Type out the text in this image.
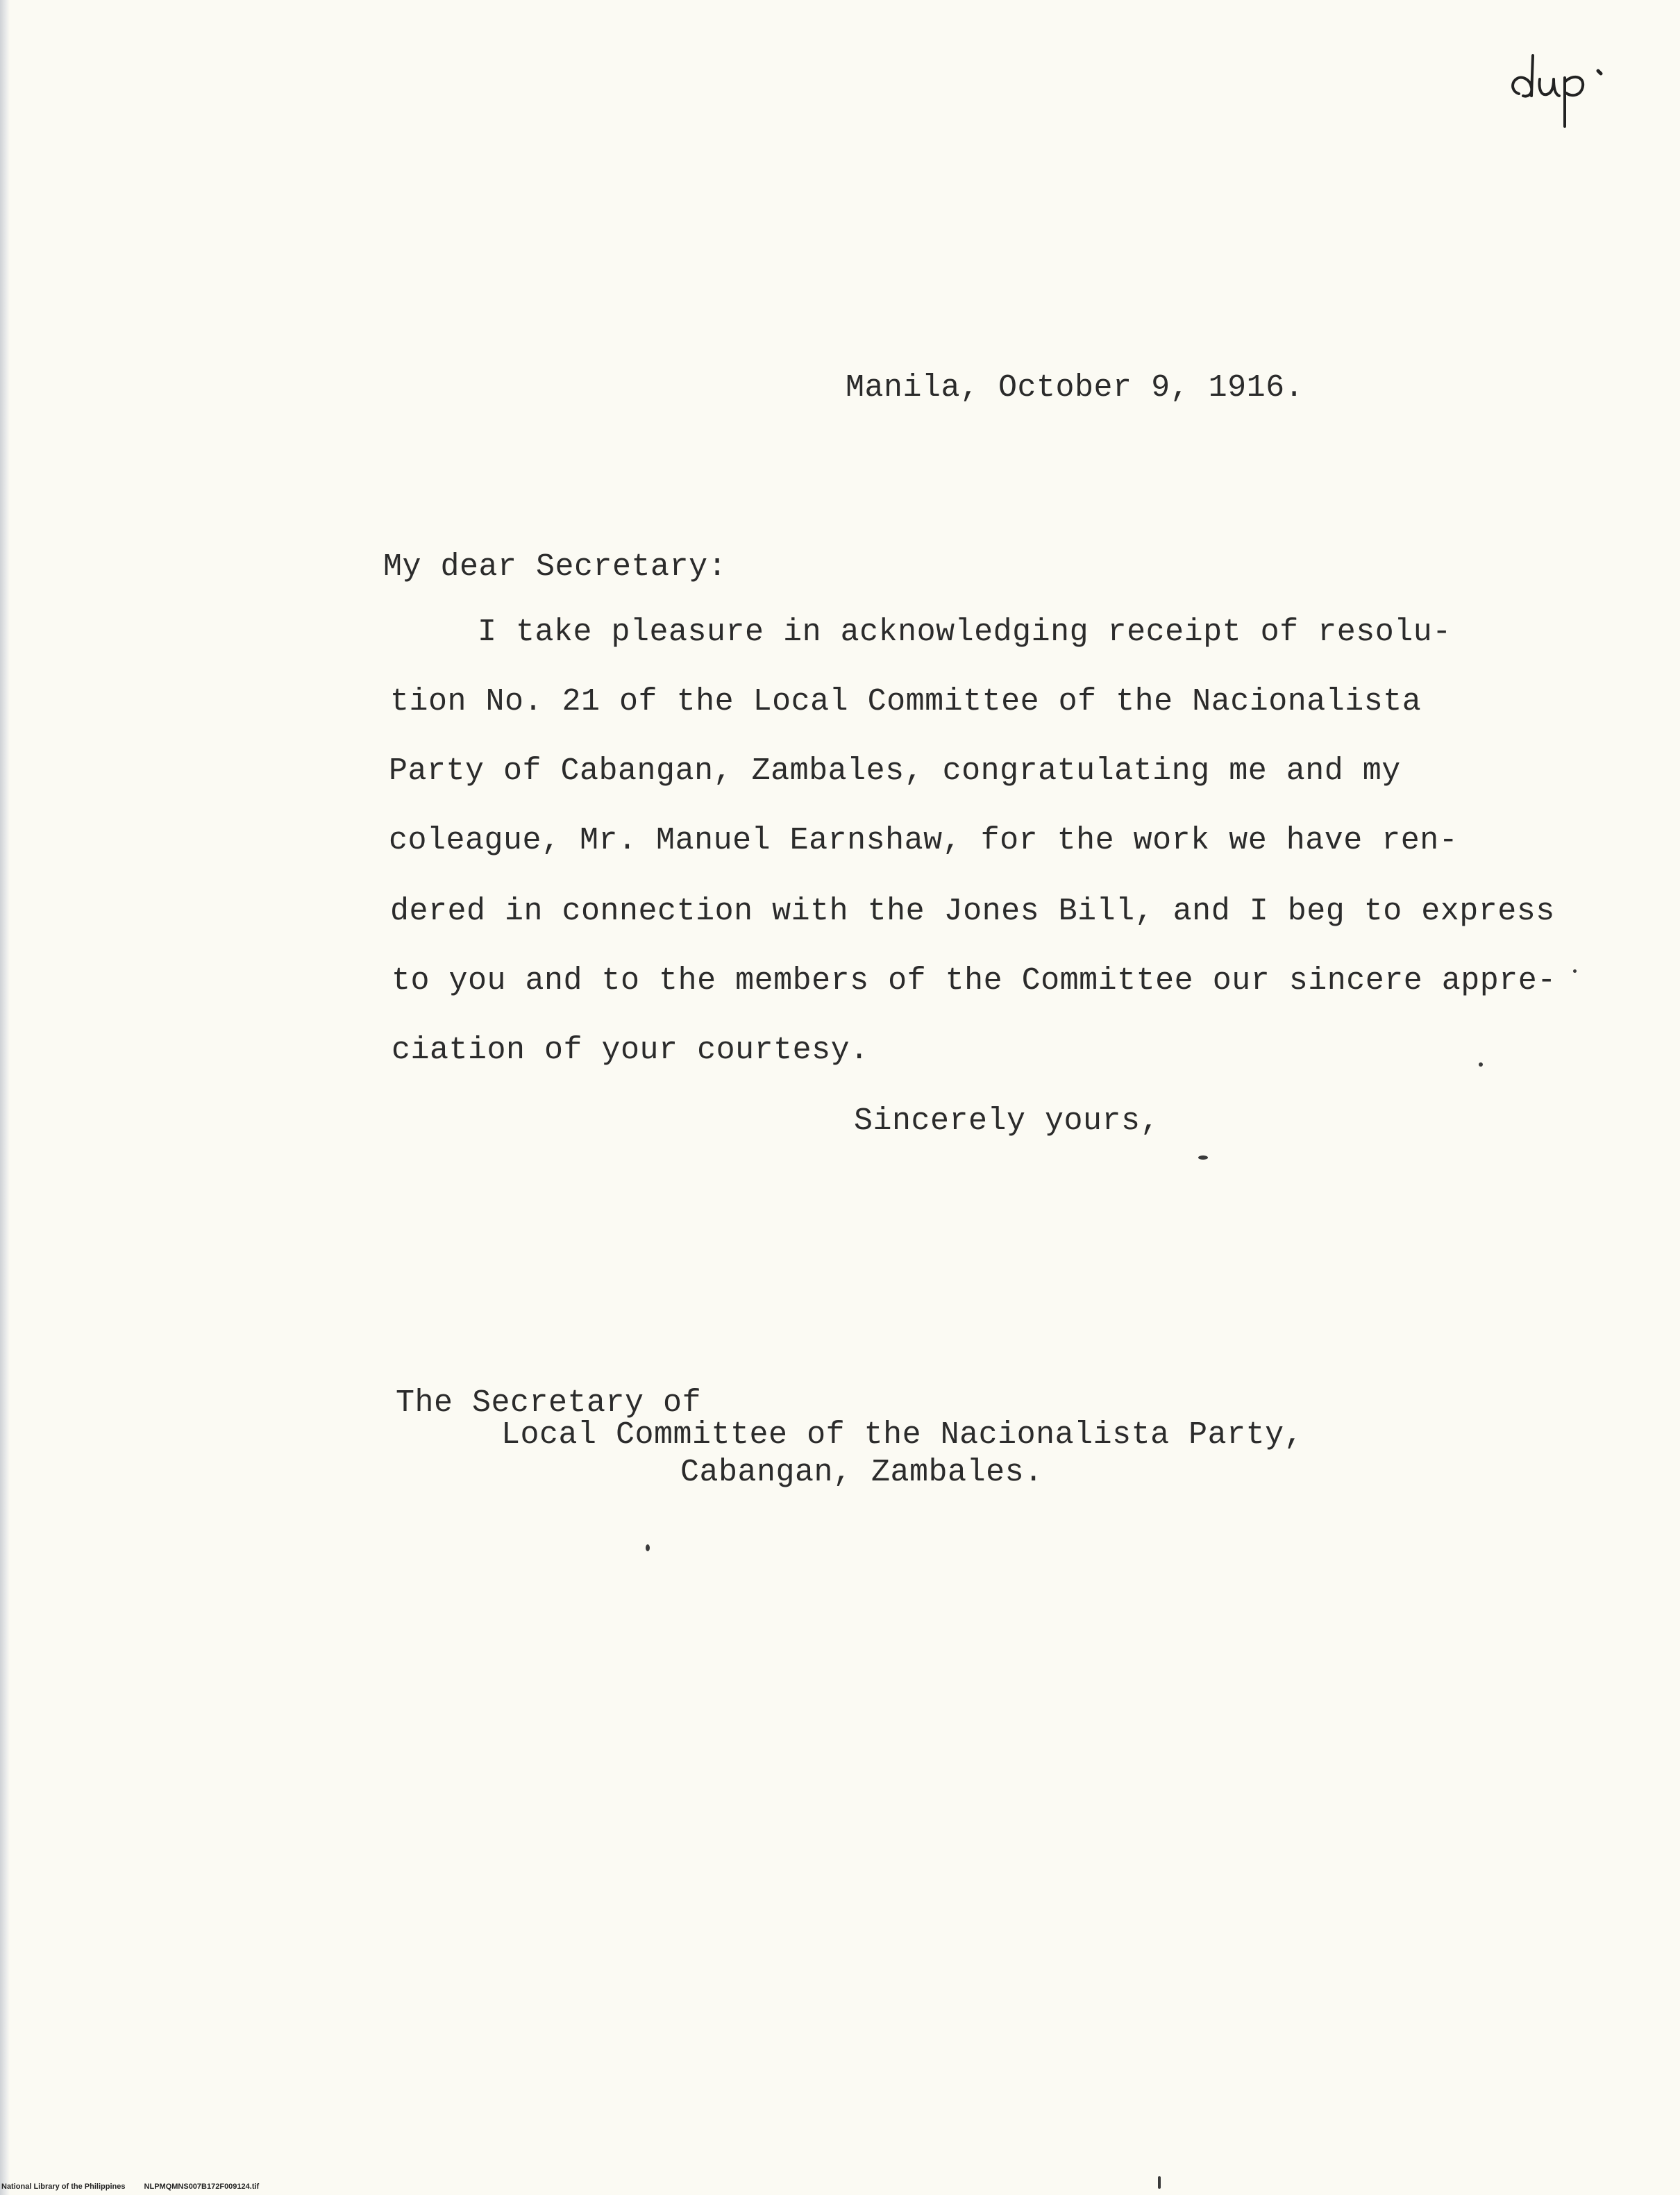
Manila, October 9, 1916.
My dear Secretary:
I take pleasure in acknowledging receipt of resolu-
tion No. 21 of the Local Committee of the Nacionalista
Party of Cabangan, Zambales, congratulating me and my
coleague, Mr. Manuel Earnshaw, for the work we have ren-
dered in connection with the Jones Bill, and I beg to express
to you and to the members of the Committee our sincere appre-
ciation of your courtesy.
Sincerely yours,
The Secretary of
Local Committee of the Nacionalista Party,
Cabangan, Zambales.
National Library of the Philippines NLPMQMNS007B172F009124.tif
